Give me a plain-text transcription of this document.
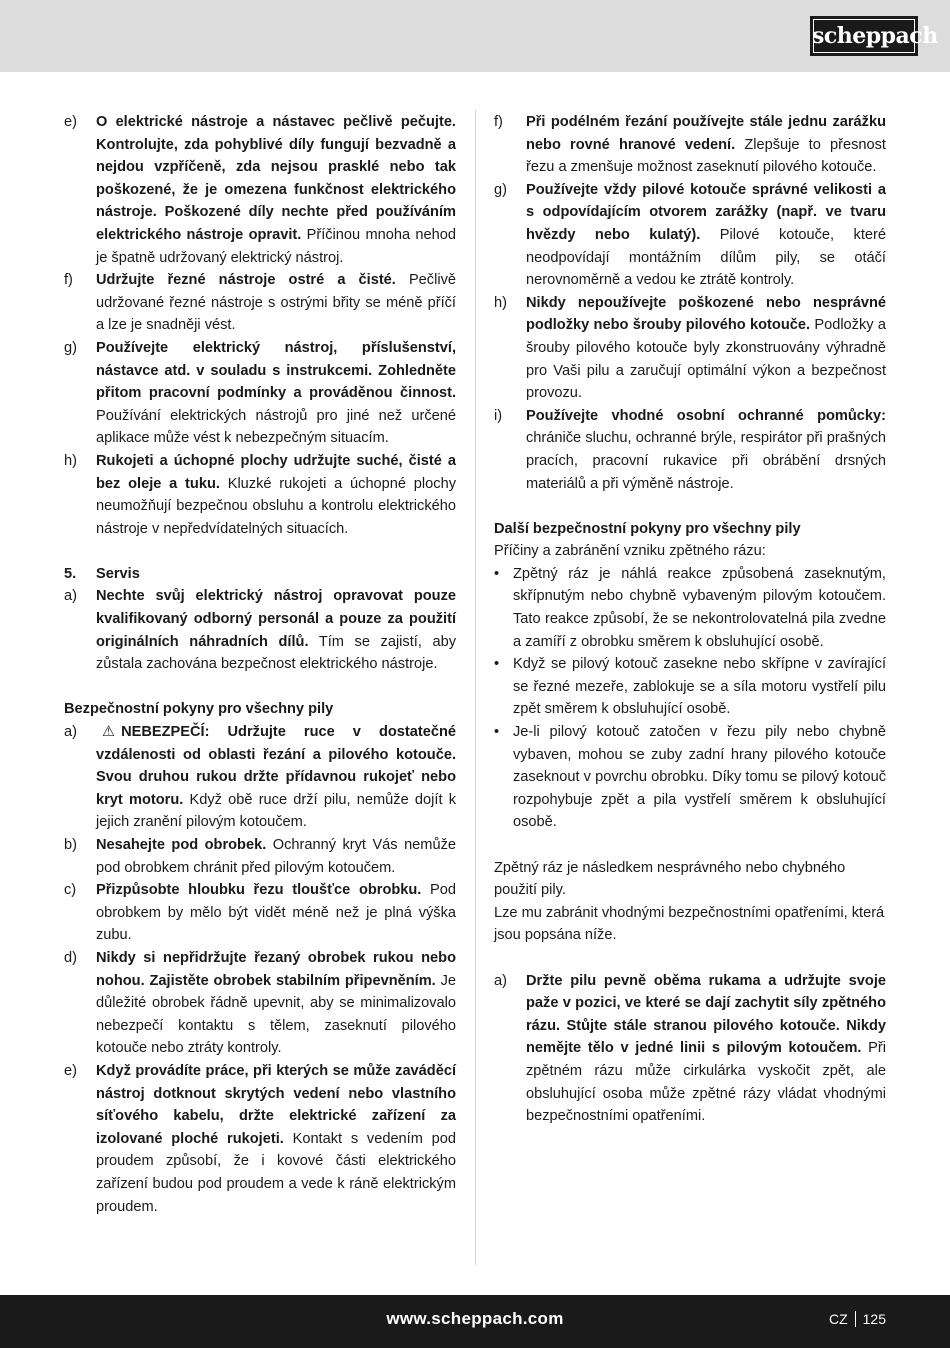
scheppach
e)	O elektrické nástroje a nástavec pečlivě pečujte. Kontrolujte, zda pohyblivé díly fungují bezvadně a nejdou vzpříčeně, zda nejsou prasklé nebo tak poškozené, že je omezena funkčnost elektrického nástroje. Poškozené díly nechte před používáním elektrického nástroje opravit. Příčinou mnoha nehod je špatně udržovaný elektrický nástroj.
f)	Udržujte řezné nástroje ostré a čisté. Pečlivě udržované řezné nástroje s ostrými břity se méně příčí a lze je snadněji vést.
g)	Používejte elektrický nástroj, příslušenství, nástavce atd. v souladu s instrukcemi. Zohledněte přitom pracovní podmínky a prováděnou činnost. Používání elektrických nástrojů pro jiné než určené aplikace může vést k nebezpečným situacím.
h)	Rukojeti a úchopné plochy udržujte suché, čisté a bez oleje a tuku. Kluzké rukojeti a úchopné plochy neumožňují bezpečnou obsluhu a kontrolu elektrického nástroje v nepředvídatelných situacích.
5.	Servis
a)	Nechte svůj elektrický nástroj opravovat pouze kvalifikovaný odborný personál a pouze za použití originálních náhradních dílů. Tím se zajistí, aby zůstala zachována bezpečnost elektrického nástroje.
Bezpečnostní pokyny pro všechny pily
a)	⚠ NEBEZPEČÍ: Udržujte ruce v dostatečné vzdálenosti od oblasti řezání a pilového kotouče. Svou druhou rukou držte přídavnou rukojeť nebo kryt motoru. Když obě ruce drží pilu, nemůže dojít k jejich zranění pilovým kotoučem.
b)	Nesahejte pod obrobek. Ochranný kryt Vás nemůže pod obrobkem chránit před pilovým kotoučem.
c)	Přizpůsobte hloubku řezu tloušťce obrobku. Pod obrobkem by mělo být vidět méně než je plná výška zubu.
d)	Nikdy si nepřidržujte řezaný obrobek rukou nebo nohou. Zajistěte obrobek stabilním připevněním. Je důležité obrobek řádně upevnit, aby se minimalizovalo nebezpečí kontaktu s tělem, zaseknutí pilového kotouče nebo ztráty kontroly.
e)	Když provádíte práce, při kterých se může zaváděcí nástroj dotknout skrytých vedení nebo vlastního síťového kabelu, držte elektrické zařízení za izolované ploché rukojeti. Kontakt s vedením pod proudem způsobí, že i kovové části elektrického zařízení budou pod proudem a vede k ráně elektrickým proudem.
f)	Při podélném řezání používejte stále jednu zarážku nebo rovné hranové vedení. Zlepšuje to přesnost řezu a zmenšuje možnost zaseknutí pilového kotouče.
g)	Používejte vždy pilové kotouče správné velikosti a s odpovídajícím otvorem zarážky (např. ve tvaru hvězdy nebo kulatý). Pilové kotouče, které neodpovídají montážním dílům pily, se otáčí nerovnoměrně a vedou ke ztrátě kontroly.
h)	Nikdy nepoužívejte poškozené nebo nesprávné podložky nebo šrouby pilového kotouče. Podložky a šrouby pilového kotouče byly zkonstruovány výhradně pro Vaši pilu a zaručují optimální výkon a bezpečnost provozu.
i)	Používejte vhodné osobní ochranné pomůcky: chrániče sluchu, ochranné brýle, respirátor při prašných pracích, pracovní rukavice při obrábění drsných materiálů a při výměně nástroje.
Další bezpečnostní pokyny pro všechny pily
Příčiny a zabránění vzniku zpětného rázu:
• Zpětný ráz je náhlá reakce způsobená zaseknutým, skřípnutým nebo chybně vybaveným pilovým kotoučem. Tato reakce způsobí, že se nekontrolovatelná pila zvedne a zamíří z obrobku směrem k obsluhující osobě.
• Když se pilový kotouč zasekne nebo skřípne v zavírající se řezné mezeře, zablokuje se a síla motoru vystřelí pilu zpět směrem k obsluhující osobě.
• Je-li pilový kotouč zatočen v řezu pily nebo chybně vybaven, mohou se zuby zadní hrany pilového kotouče zaseknout v povrchu obrobku. Díky tomu se pilový kotouč rozpohybuje zpět a pila vystřelí směrem k obsluhující osobě.
Zpětný ráz je následkem nesprávného nebo chybného použití pily.
Lze mu zabránit vhodnými bezpečnostními opatřeními, která jsou popsána níže.
a)	Držte pilu pevně oběma rukama a udržujte svoje paže v pozici, ve které se dají zachytit síly zpětného rázu. Stůjte stále stranou pilového kotouče. Nikdy nemějte tělo v jedné linii s pilovým kotoučem. Při zpětném rázu může cirkulárka vyskočit zpět, ale obsluhující osoba může zpětné rázy vládat vhodnými bezpečnostními opatřeními.
www.scheppach.com	CZ 125
